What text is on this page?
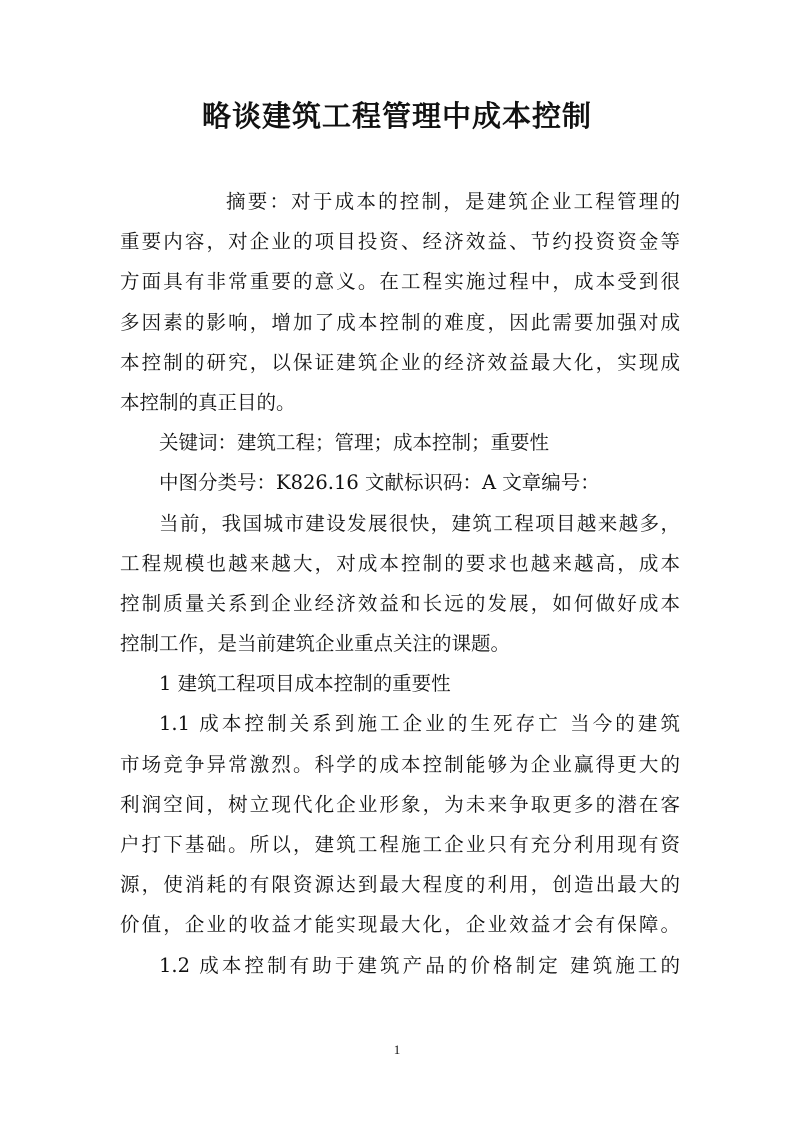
略谈建筑工程管理中成本控制
摘要：对于成本的控制，是建筑企业工程管理的
重要内容，对企业的项目投资、经济效益、节约投资资金等
方面具有非常重要的意义。在工程实施过程中，成本受到很
多因素的影响，增加了成本控制的难度，因此需要加强对成
本控制的研究，以保证建筑企业的经济效益最大化，实现成
本控制的真正目的。
关键词：建筑工程；管理；成本控制；重要性
中图分类号：K826.16 文献标识码：A 文章编号：
当前，我国城市建设发展很快，建筑工程项目越来越多，
工程规模也越来越大，对成本控制的要求也越来越高，成本
控制质量关系到企业经济效益和长远的发展，如何做好成本
控制工作，是当前建筑企业重点关注的课题。
1 建筑工程项目成本控制的重要性
1.1 成本控制关系到施工企业的生死存亡 当今的建筑
市场竞争异常激烈。科学的成本控制能够为企业赢得更大的
利润空间，树立现代化企业形象，为未来争取更多的潜在客
户打下基础。所以，建筑工程施工企业只有充分利用现有资
源，使消耗的有限资源达到最大程度的利用，创造出最大的
价值，企业的收益才能实现最大化，企业效益才会有保障。
1.2 成本控制有助于建筑产品的价格制定 建筑施工的
1
